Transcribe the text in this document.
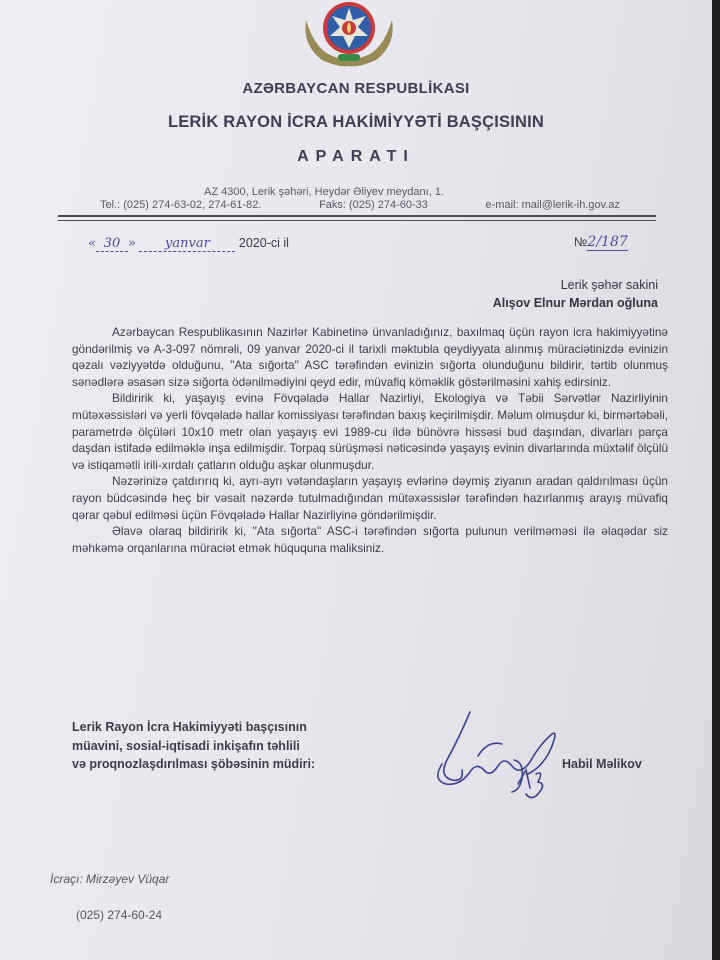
AZƏRBAYCAN RESPUBLİKASI
LERİK RAYON İCRA HAKİMİYYƏTİ BAŞÇISININ
APARATI
AZ 4300, Lerik şəhəri, Heydər Əliyev meydanı, 1.
Tel.: (025) 274-63-02, 274-61-82.	Faks: (025) 274-60-33	e-mail: mail@lerik-ih.gov.az
« 30 » yanvar 2020-ci il	№2/187
Lerik şəhər sakini
Alışov Elnur Mərdan oğluna

Azərbaycan Respublikasının Nazirlər Kabinetinə ünvanladığınız, baxılmaq üçün rayon icra hakimiyyətinə göndərilmiş və A-3-097 nömrəli, 09 yanvar 2020-ci il tarixli məktubla qeydiyyata alınmış müraciətinizdə evinizin qəzalı vəziyyətdə olduğunu, "Ata sığorta" ASC tərəfindən evinizin sığorta olunduğunu bildirir, tərtib olunmuş sənədlərə əsasən sizə sığorta ödənilmədiyini qeyd edir, müvafiq köməklik göstərilməsini xahiş edirsiniz.

Bildiririk ki, yaşayış evinə Fövqəladə Hallar Nazirliyi, Ekologiya və Təbii Sərvətlər Nazirliyinin mütəxəssisləri və yerli fövqəladə hallar komissiyası tərəfindən baxış keçirilmişdir. Məlum olmuşdur ki, birmərtəbəli, parametrdə ölçüləri 10x10 metr olan yaşayış evi 1989-cu ildə bünövrə hissəsi bud daşından, divarları parça daşdan istifadə edilməklə inşa edilmişdir. Torpaq sürüşməsi nəticəsində yaşayış evinin divarlarında müxtəlif ölçülü və istiqamətli irili-xırdalı çatların olduğu aşkar olunmuşdur.

Nəzərinizə çatdırırıq ki, ayrı-ayrı vətəndaşların yaşayış evlərinə dəymiş ziyanın aradan qaldırılması üçün rayon büdcəsində heç bir vəsait nəzərdə tutulmadığından mütəxəssislər tərəfindən hazırlanmış arayış müvafiq qərar qəbul edilməsi üçün Fövqəladə Hallar Nazirliyinə göndərilmişdir.

Əlavə olaraq bildiririk ki, "Ata sığorta" ASC-i tərəfindən sığorta pulunun verilməməsi ilə əlaqədar siz məhkəmə orqanlarına müraciət etmək hüququna maliksiniz.

Lerik Rayon İcra Hakimiyyəti başçısının
müavini, sosial-iqtisadi inkişafın təhlili
və proqnozlaşdırılması şöbəsinin müdiri:	Habil Məlikov
İcraçı: Mirzəyev Vüqar
(025) 274-60-24
